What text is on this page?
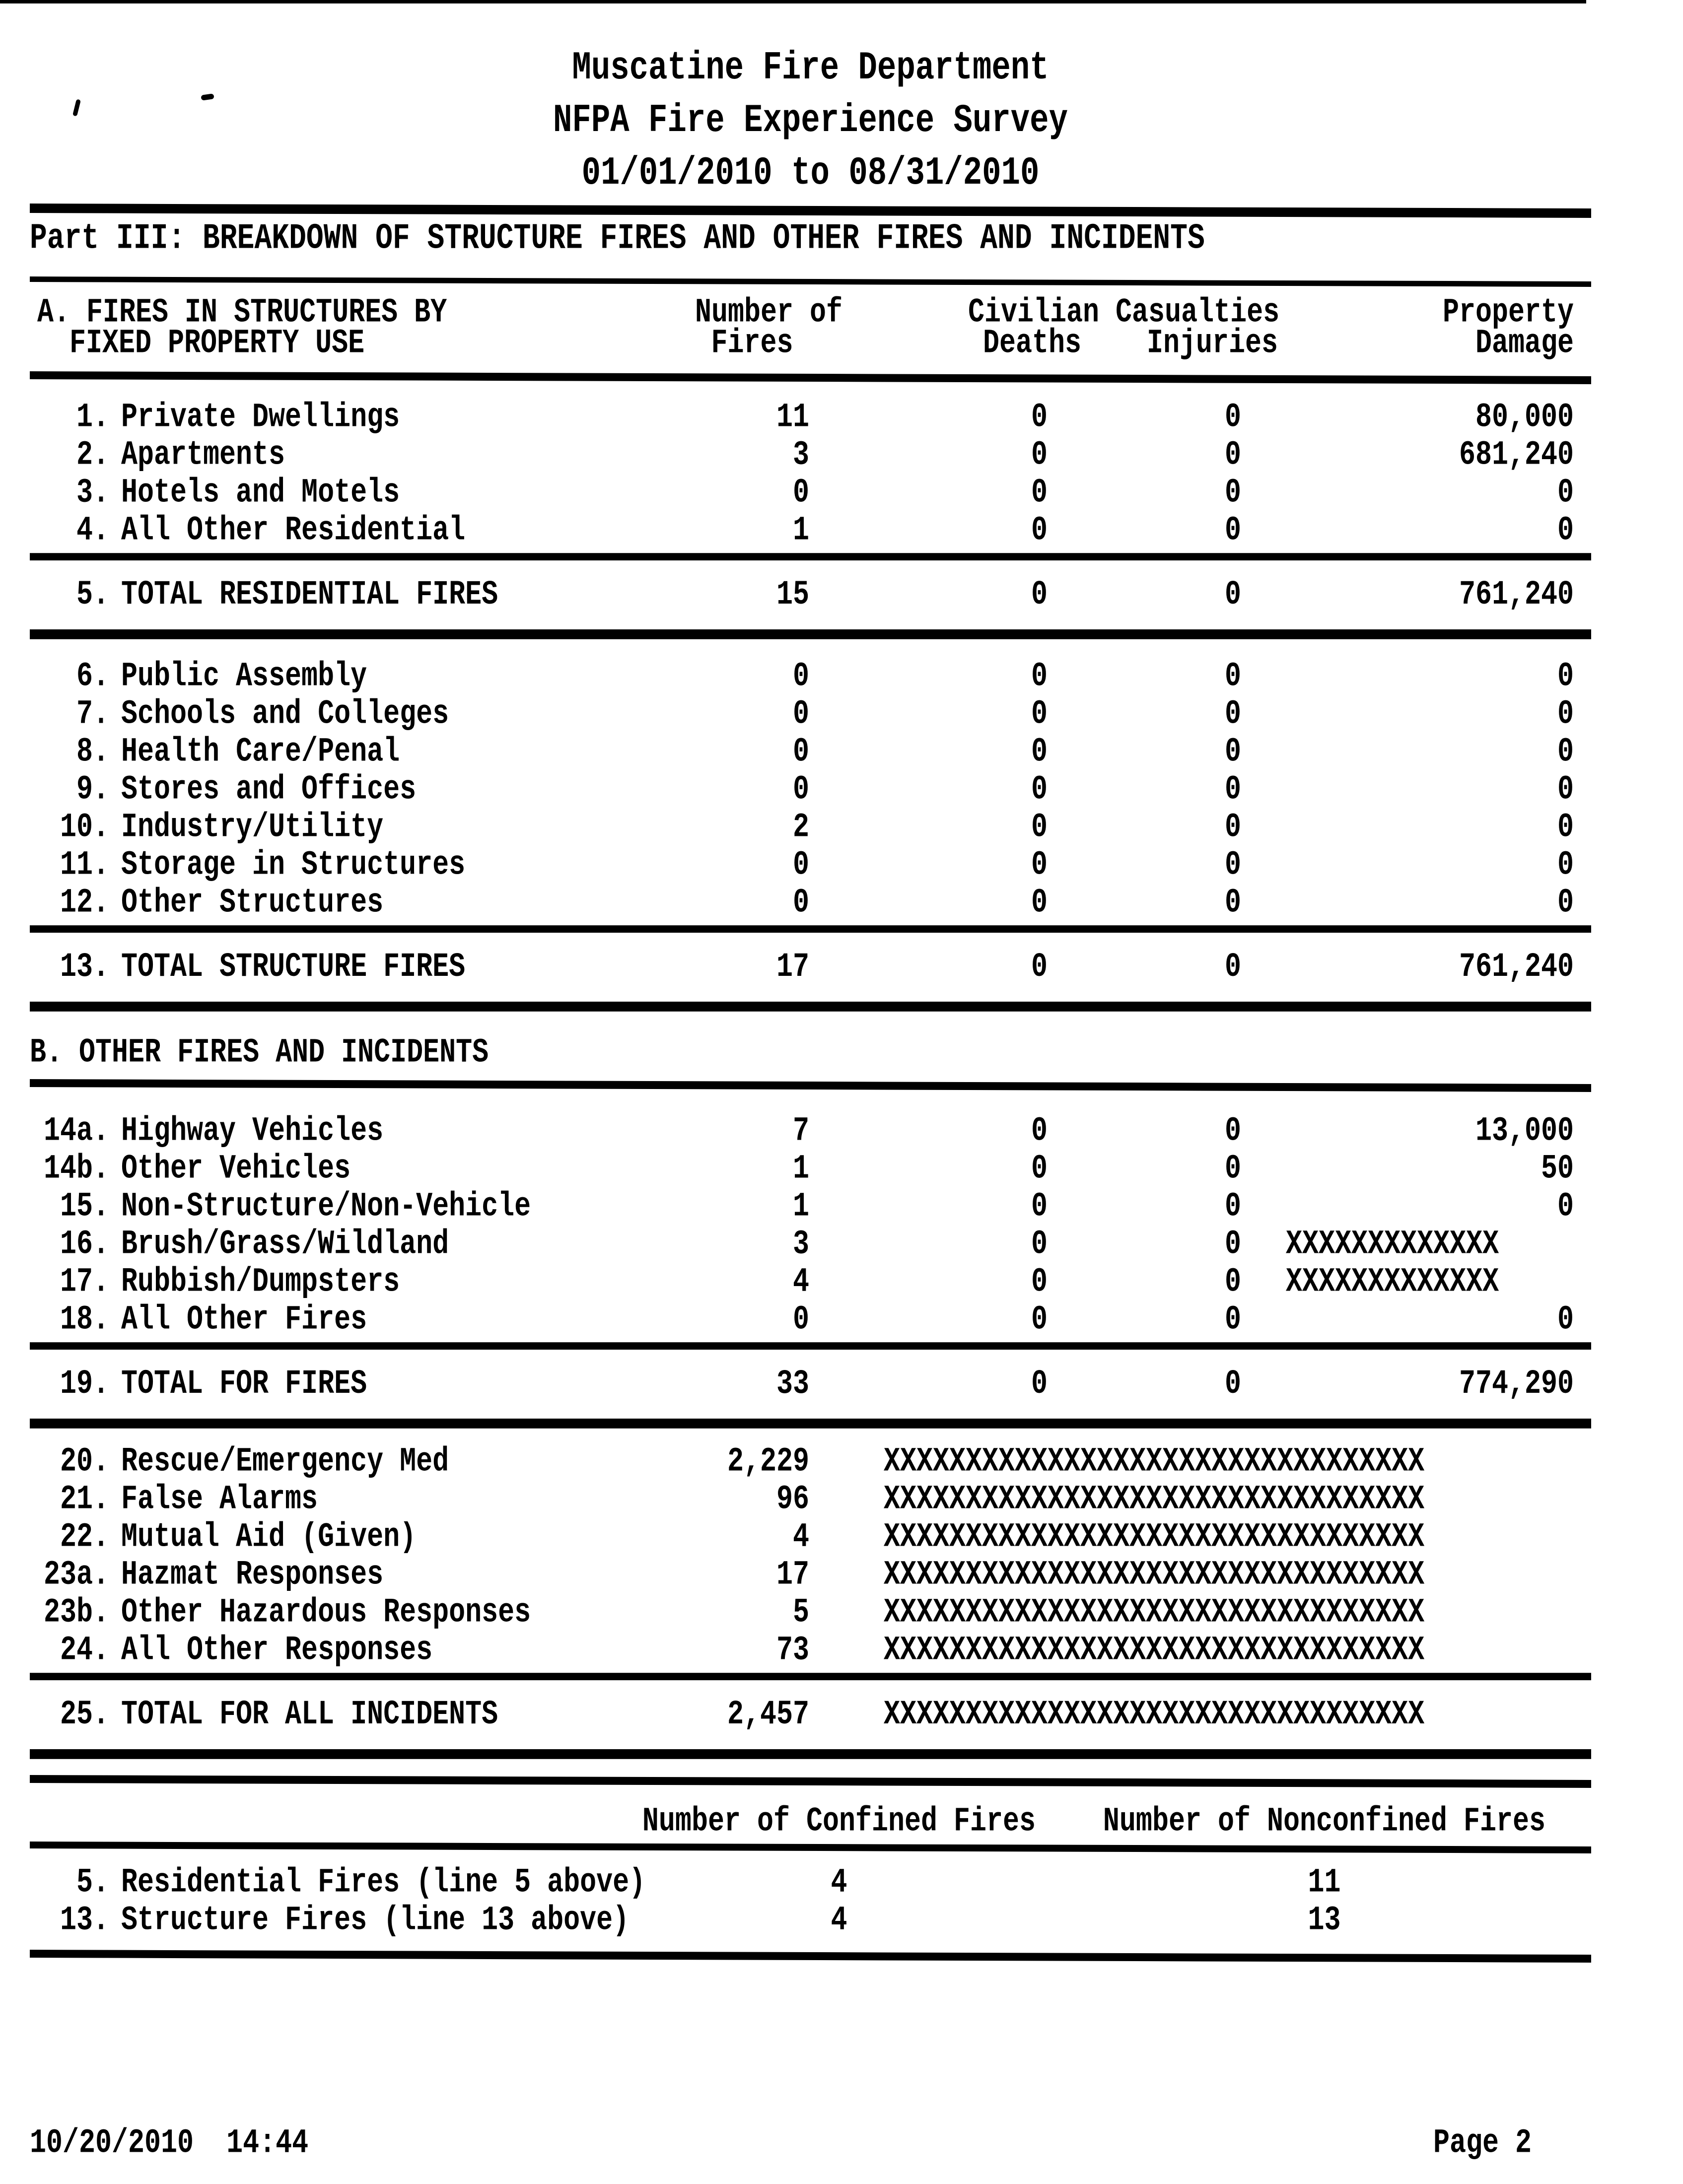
Muscatine Fire Department
NFPA Fire Experience Survey
01/01/2010 to 08/31/2010
Part III: BREAKDOWN OF STRUCTURE FIRES AND OTHER FIRES AND INCIDENTS
A. FIRES IN STRUCTURES BY	Number of	Civilian Casualties	Property
FIXED PROPERTY USE	Fires	Deaths	Injuries	Damage
1. Private Dwellings	11	0	0	80,000
2. Apartments	3	0	0	681,240
3. Hotels and Motels	0	0	0	0
4. All Other Residential	1	0	0	0
5. TOTAL RESIDENTIAL FIRES	15	0	0	761,240
6. Public Assembly	0	0	0	0
7. Schools and Colleges	0	0	0	0
8. Health Care/Penal	0	0	0	0
9. Stores and Offices	0	0	0	0
10. Industry/Utility	2	0	0	0
11. Storage in Structures	0	0	0	0
12. Other Structures	0	0	0	0
13. TOTAL STRUCTURE FIRES	17	0	0	761,240
B. OTHER FIRES AND INCIDENTS
14a. Highway Vehicles	7	0	0	13,000
14b. Other Vehicles	1	0	0	50
15. Non-Structure/Non-Vehicle	1	0	0	0
16. Brush/Grass/Wildland	3	0	0	XXXXXXXXXXXXX
17. Rubbish/Dumpsters	4	0	0	XXXXXXXXXXXXX
18. All Other Fires	0	0	0	0
19. TOTAL FOR FIRES	33	0	0	774,290
20. Rescue/Emergency Med	2,229	XXXXXXXXXXXXXXXXXXXXXXXXXXXXXXXXX
21. False Alarms	96	XXXXXXXXXXXXXXXXXXXXXXXXXXXXXXXXX
22. Mutual Aid (Given)	4	XXXXXXXXXXXXXXXXXXXXXXXXXXXXXXXXX
23a. Hazmat Responses	17	XXXXXXXXXXXXXXXXXXXXXXXXXXXXXXXXX
23b. Other Hazardous Responses	5	XXXXXXXXXXXXXXXXXXXXXXXXXXXXXXXXX
24. All Other Responses	73	XXXXXXXXXXXXXXXXXXXXXXXXXXXXXXXXX
25. TOTAL FOR ALL INCIDENTS	2,457	XXXXXXXXXXXXXXXXXXXXXXXXXXXXXXXXX
Number of Confined Fires	Number of Nonconfined Fires
5. Residential Fires (line 5 above)	4	11
13. Structure Fires (line 13 above)	4	13
10/20/2010  14:44	Page 2
